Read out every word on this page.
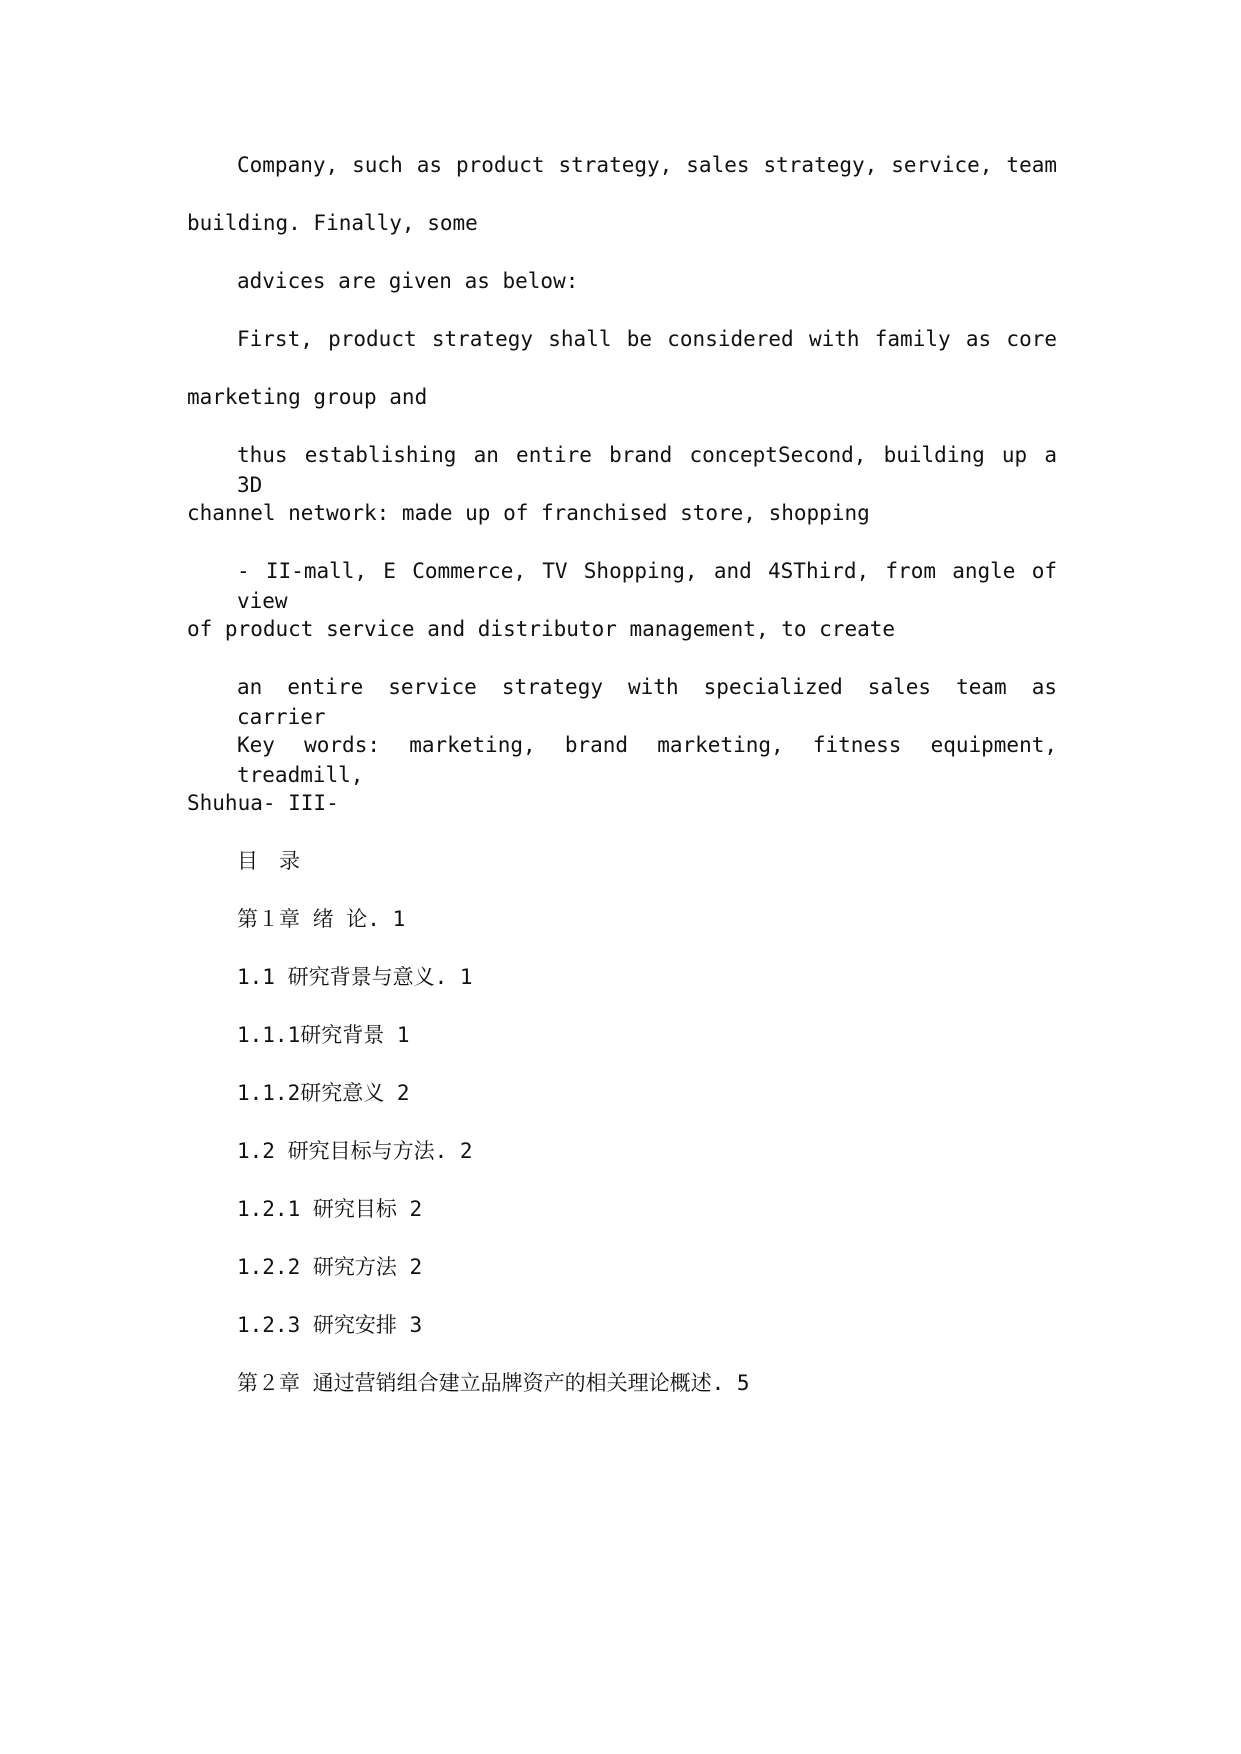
Company, such as product strategy, sales strategy, service, team
building. Finally, some
advices are given as below:
First, product strategy shall be considered with family as core
marketing group and
thus establishing an entire brand conceptSecond, building up a 3D
channel network: made up of franchised store, shopping
- II-mall, E Commerce, TV Shopping, and 4SThird, from angle of view
of product service and distributor management, to create
an entire service strategy with specialized sales team as carrier
Key words: marketing, brand marketing, fitness equipment, treadmill,
Shuhua- III-
目　录
第１章 绪 论. 1
1.1 研究背景与意义. 1
1.1.1研究背景 1
1.1.2研究意义 2
1.2 研究目标与方法. 2
1.2.1 研究目标 2
1.2.2 研究方法 2
1.2.3 研究安排 3
第２章 通过营销组合建立品牌资产的相关理论概述. 5
